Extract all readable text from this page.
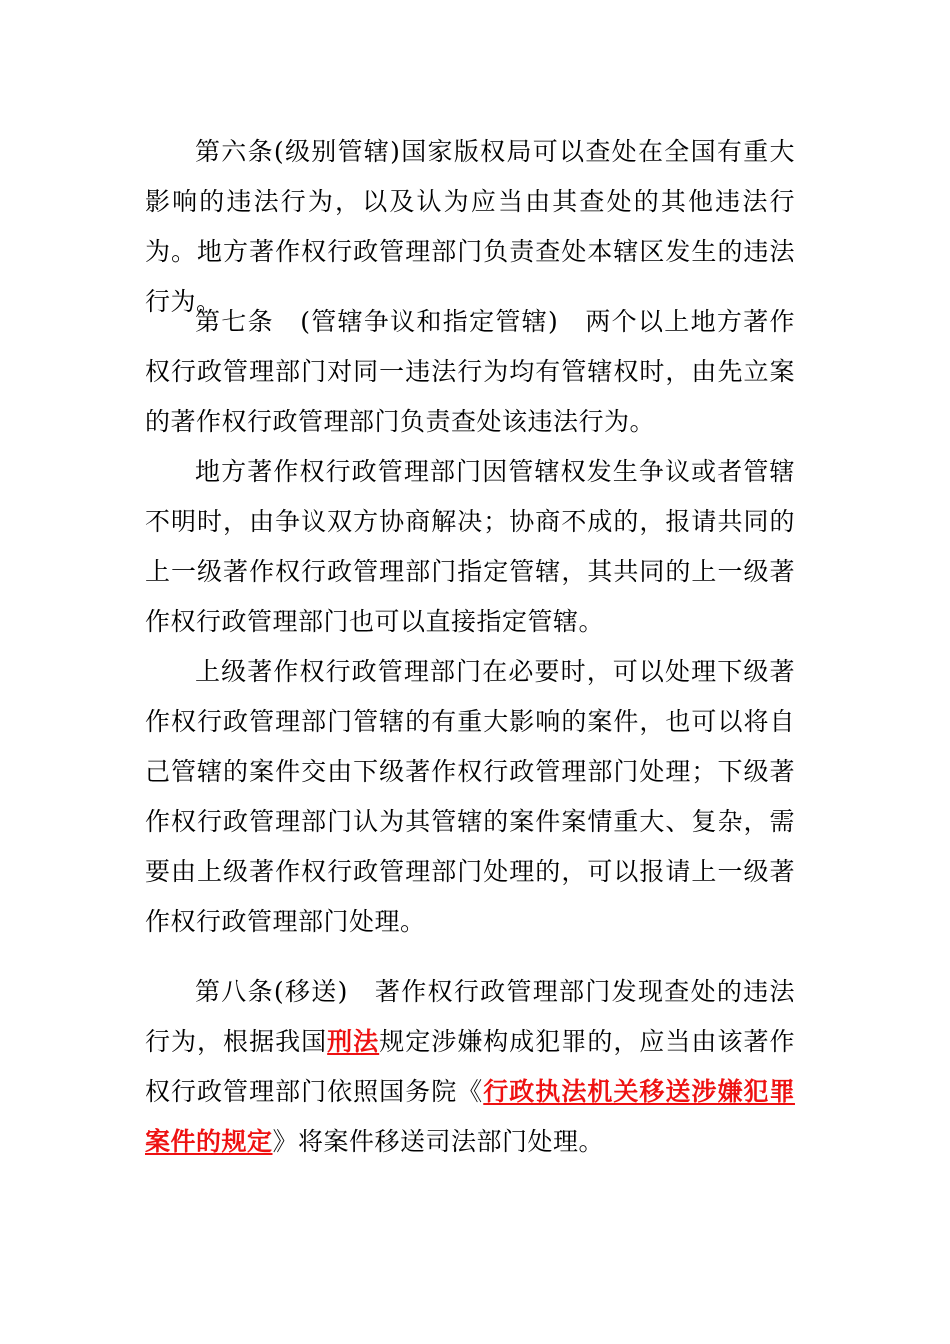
第六条(级别管辖)国家版权局可以查处在全国有重大影响的违法行为，以及认为应当由其查处的其他违法行为。地方著作权行政管理部门负责查处本辖区发生的违法行为。

第七条　(管辖争议和指定管辖)　两个以上地方著作权行政管理部门对同一违法行为均有管辖权时，由先立案的著作权行政管理部门负责查处该违法行为。

地方著作权行政管理部门因管辖权发生争议或者管辖不明时，由争议双方协商解决；协商不成的，报请共同的上一级著作权行政管理部门指定管辖，其共同的上一级著作权行政管理部门也可以直接指定管辖。

上级著作权行政管理部门在必要时，可以处理下级著作权行政管理部门管辖的有重大影响的案件，也可以将自己管辖的案件交由下级著作权行政管理部门处理；下级著作权行政管理部门认为其管辖的案件案情重大、复杂，需要由上级著作权行政管理部门处理的，可以报请上一级著作权行政管理部门处理。

第八条(移送)　著作权行政管理部门发现查处的违法行为，根据我国刑法规定涉嫌构成犯罪的，应当由该著作权行政管理部门依照国务院《行政执法机关移送涉嫌犯罪案件的规定》将案件移送司法部门处理。
